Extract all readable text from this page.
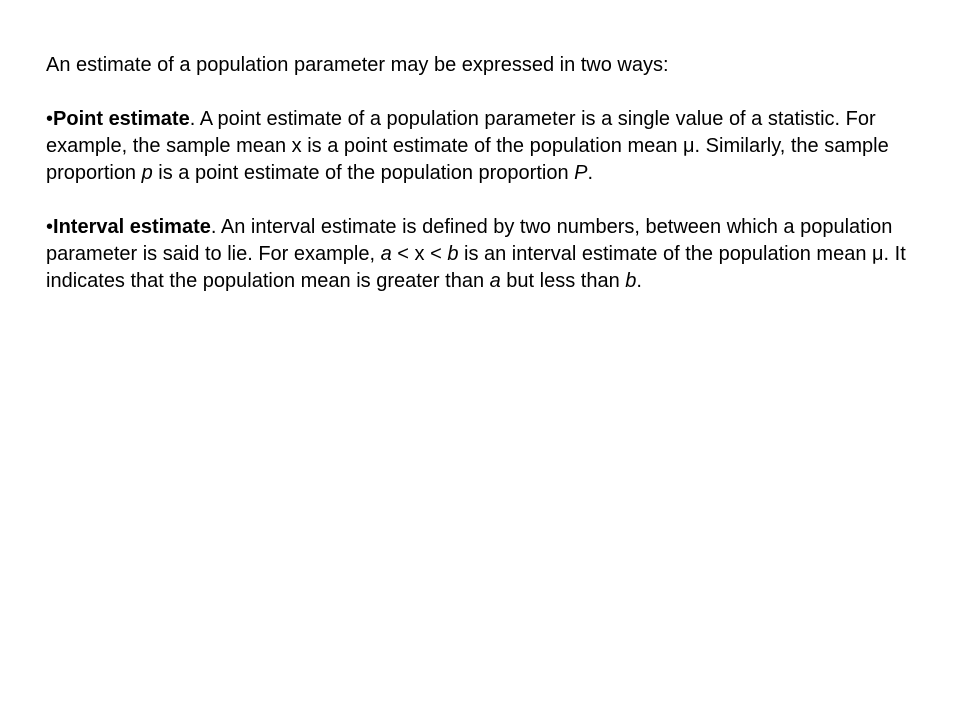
An estimate of a population parameter may be expressed in two ways:

•Point estimate. A point estimate of a population parameter is a single value of a statistic. For example, the sample mean x is a point estimate of the population mean μ. Similarly, the sample proportion p is a point estimate of the population proportion P.

•Interval estimate. An interval estimate is defined by two numbers, between which a population parameter is said to lie. For example, a < x < b is an interval estimate of the population mean μ. It indicates that the population mean is greater than a but less than b.
